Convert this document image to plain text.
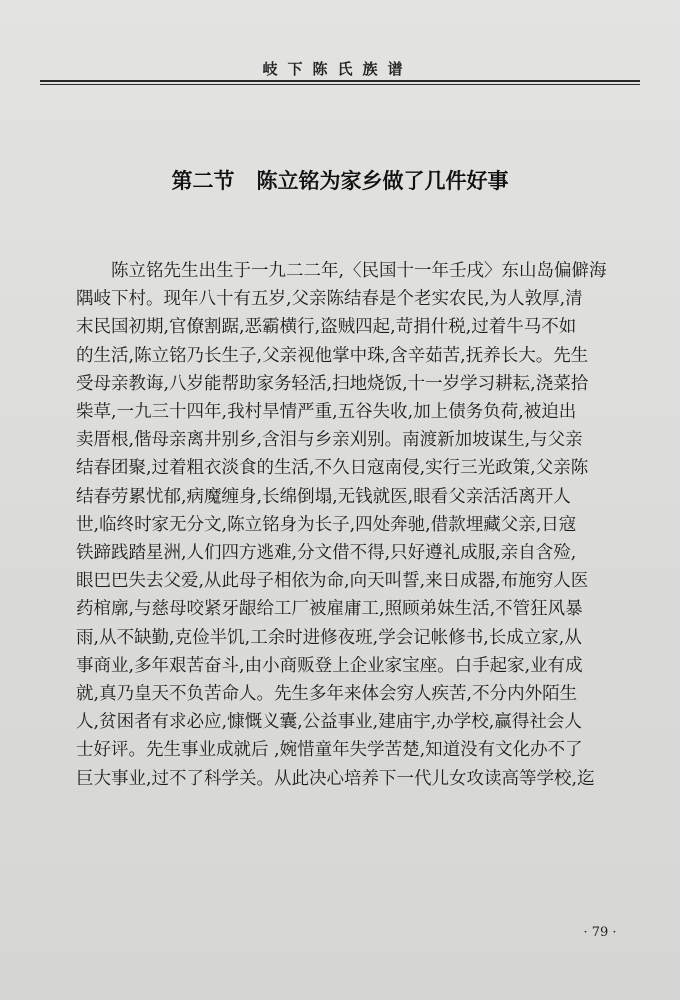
岐下陈氏族谱
第二节 陈立铭为家乡做了几件好事
　　陈立铭先生出生于一九二二年,〈民国十一年壬戌〉东山岛偏僻海
隅岐下村。现年八十有五岁,父亲陈结春是个老实农民,为人敦厚,清
末民国初期,官僚割踞,恶霸横行,盗贼四起,苛捐什税,过着牛马不如
的生活,陈立铭乃长生子,父亲视他掌中珠,含辛茹苦,抚养长大。先生
受母亲教诲,八岁能帮助家务轻活,扫地烧饭,十一岁学习耕耘,浇菜拾
柴草,一九三十四年,我村旱情严重,五谷失收,加上债务负荷,被迫出
卖厝根,偕母亲离井别乡,含泪与乡亲刈别。南渡新加坡谋生,与父亲
结春团聚,过着粗衣淡食的生活,不久日寇南侵,实行三光政策,父亲陈
结春劳累忧郁,病魔缠身,长绵倒塌,无钱就医,眼看父亲活活离开人
世,临终时家无分文,陈立铭身为长子,四处奔驰,借款埋藏父亲,日寇
铁蹄践踏星洲,人们四方逃难,分文借不得,只好遵礼成服,亲自含殓,
眼巴巴失去父爱,从此母子相依为命,向天叫誓,来日成器,布施穷人医
药棺廓,与慈母咬紧牙龈给工厂被雇庸工,照顾弟妹生活,不管狂风暴
雨,从不缺勤,克俭半饥,工余时进修夜班,学会记帐修书,长成立家,从
事商业,多年艰苦奋斗,由小商贩登上企业家宝座。白手起家,业有成
就,真乃皇天不负苦命人。先生多年来体会穷人疾苦,不分内外陌生
人,贫困者有求必应,慷慨义囊,公益事业,建庙宇,办学校,赢得社会人
士好评。先生事业成就后 ,婉惜童年失学苦楚,知道没有文化办不了
巨大事业,过不了科学关。从此决心培养下一代儿女攻读高等学校,迄
· 79 ·
